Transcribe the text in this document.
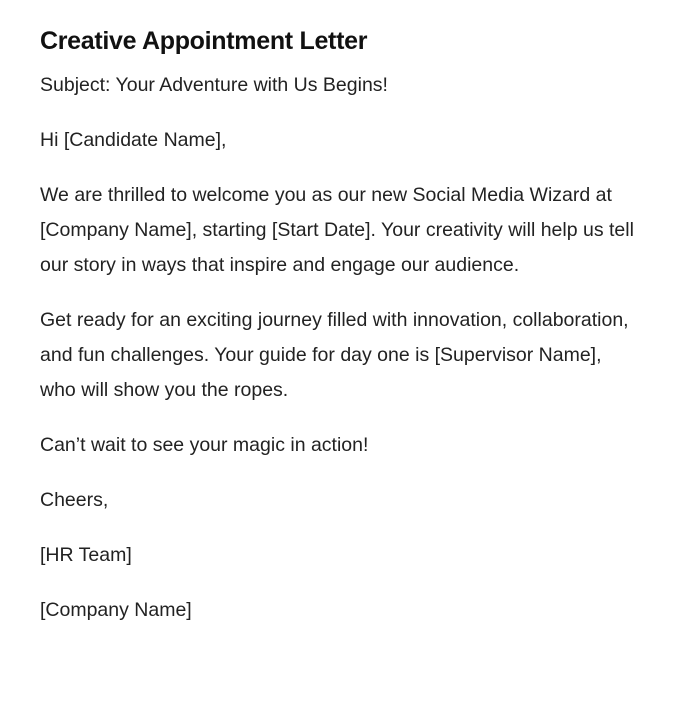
Creative Appointment Letter

Subject: Your Adventure with Us Begins!

Hi [Candidate Name],

We are thrilled to welcome you as our new Social Media Wizard at [Company Name], starting [Start Date]. Your creativity will help us tell our story in ways that inspire and engage our audience.

Get ready for an exciting journey filled with innovation, collaboration, and fun challenges. Your guide for day one is [Supervisor Name], who will show you the ropes.

Can’t wait to see your magic in action!

Cheers,

[HR Team]

[Company Name]
